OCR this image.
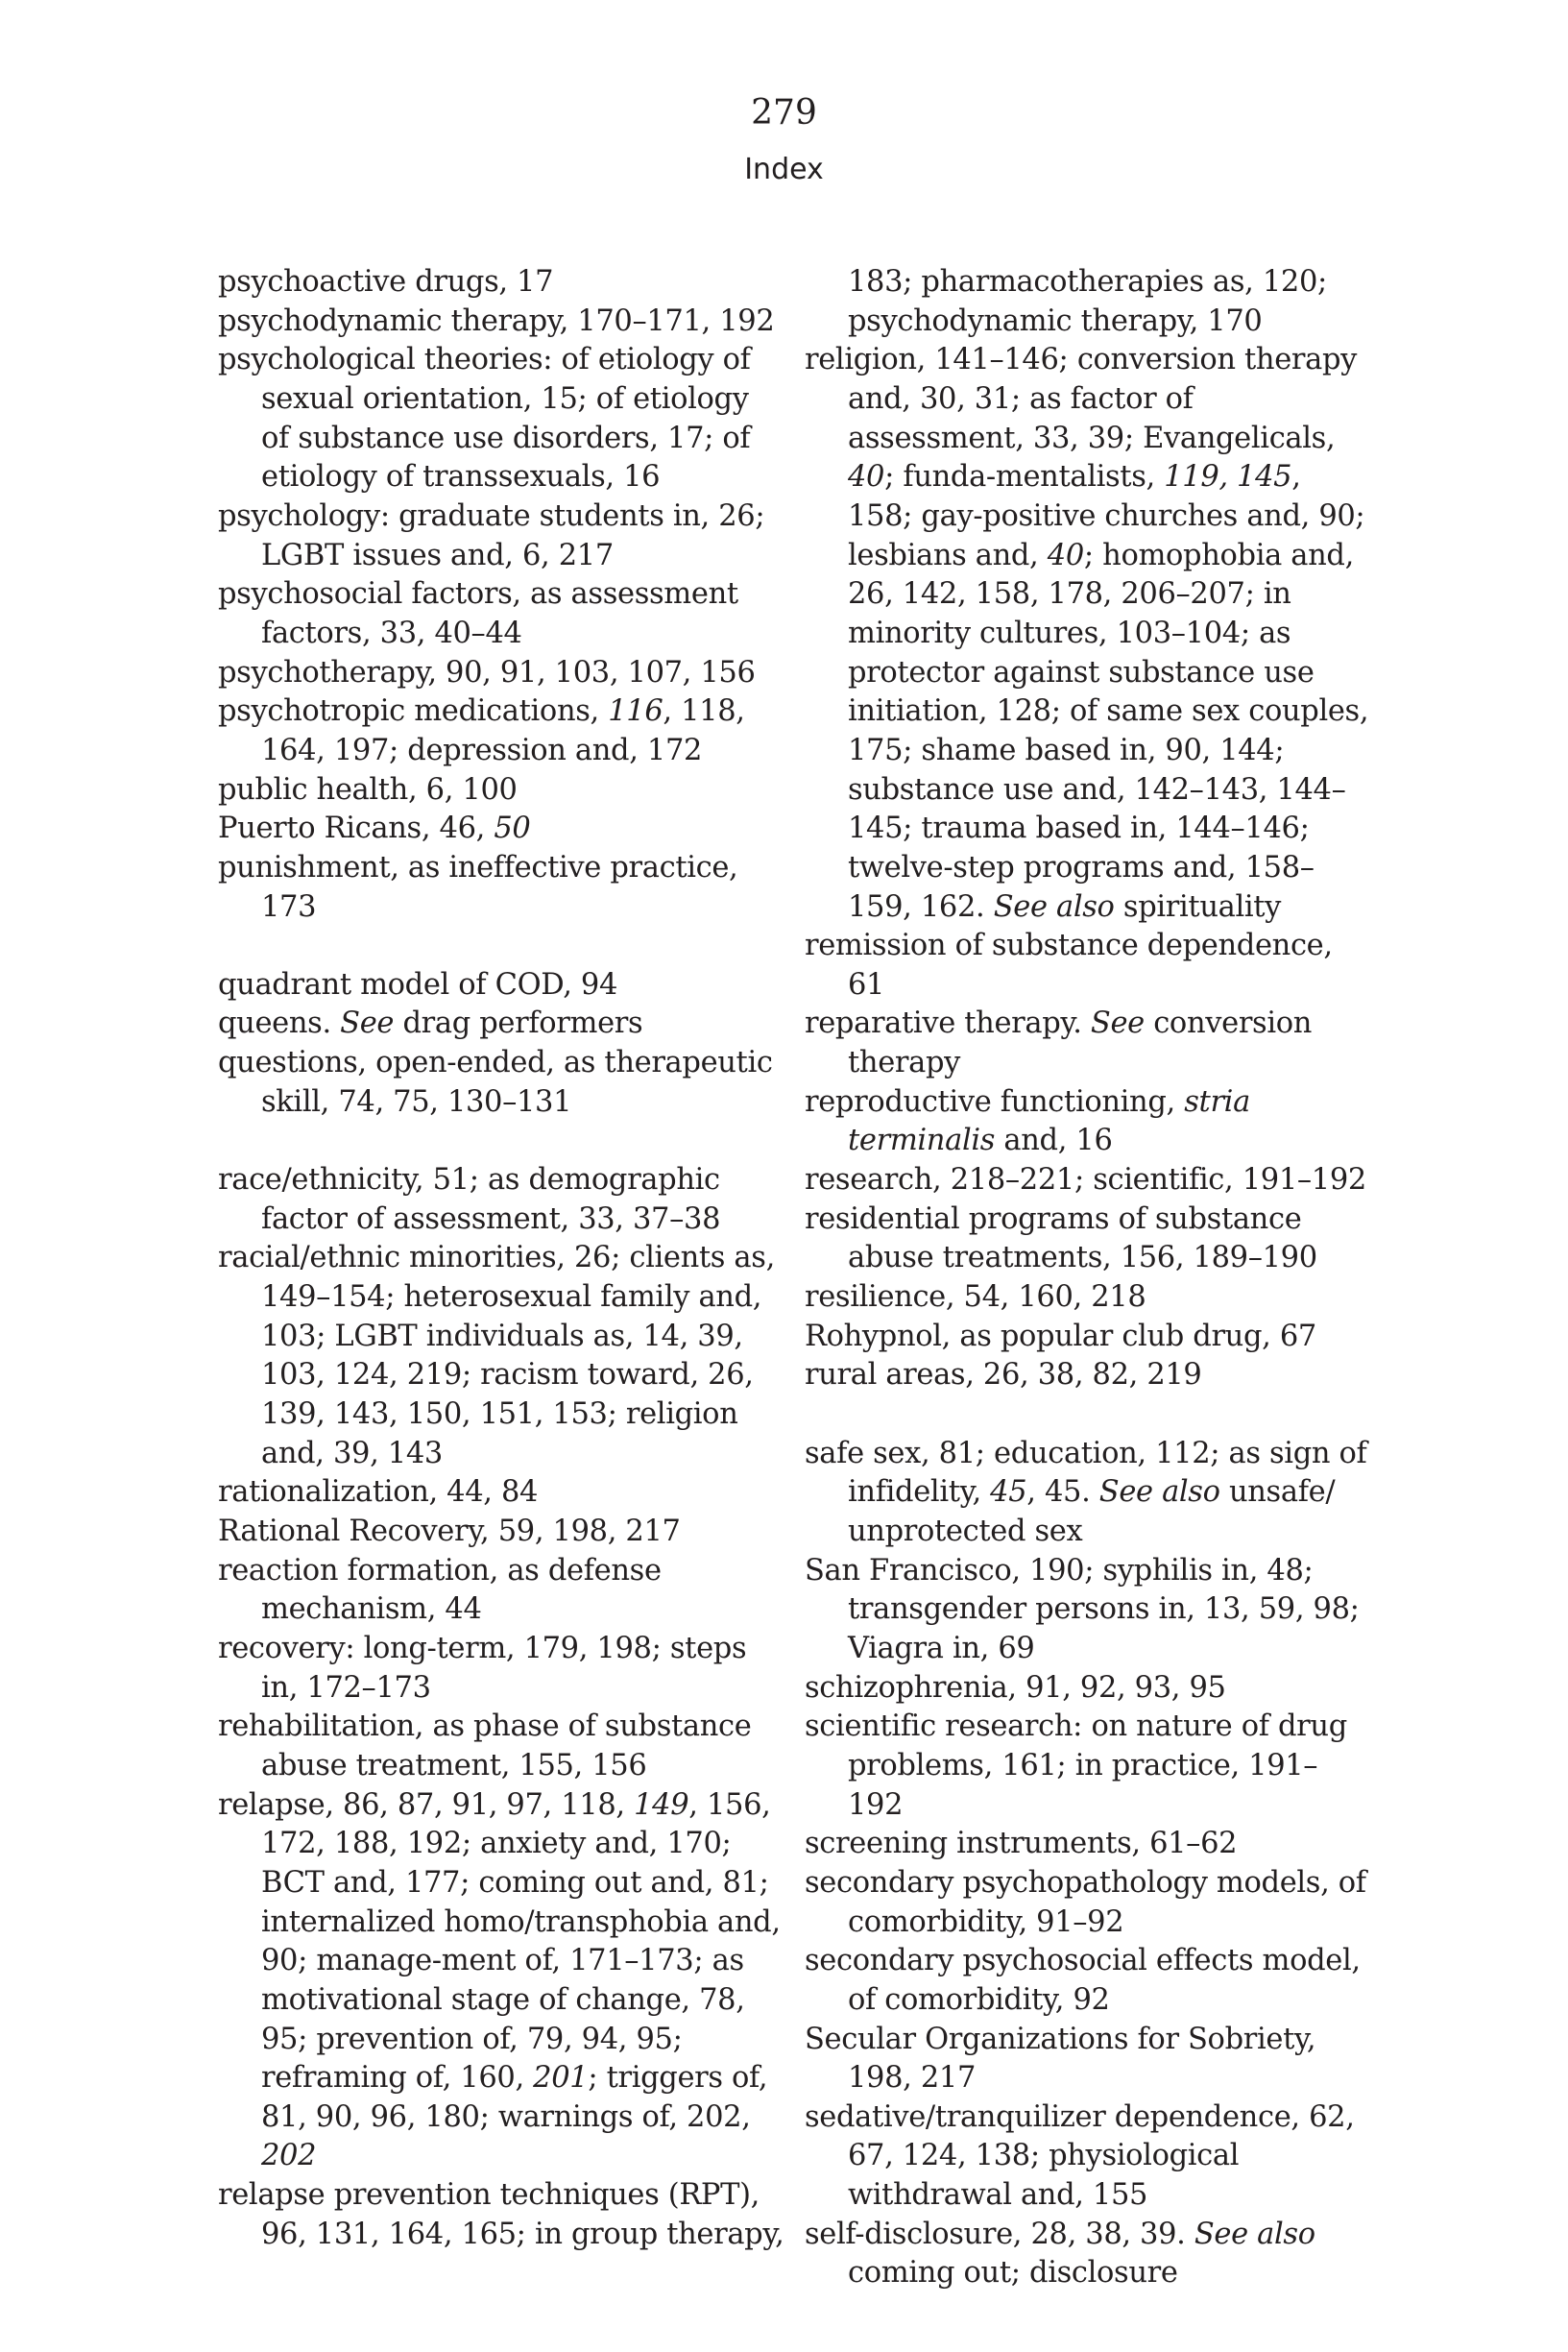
279
Index
psychoactive drugs, 17
psychodynamic therapy, 170–171, 192
psychological theories: of etiology of sexual orientation, 15; of etiology of substance use disorders, 17; of etiology of transsexuals, 16
psychology: graduate students in, 26; LGBT issues and, 6, 217
psychosocial factors, as assessment factors, 33, 40–44
psychotherapy, 90, 91, 103, 107, 156
psychotropic medications, 116, 118, 164, 197; depression and, 172
public health, 6, 100
Puerto Ricans, 46, 50
punishment, as ineffective practice, 173
quadrant model of COD, 94
queens. See drag performers
questions, open-ended, as therapeutic skill, 74, 75, 130–131
race/ethnicity, 51; as demographic factor of assessment, 33, 37–38
racial/ethnic minorities, 26; clients as, 149–154; heterosexual family and, 103; LGBT individuals as, 14, 39, 103, 124, 219; racism toward, 26, 139, 143, 150, 151, 153; religion and, 39, 143
rationalization, 44, 84
Rational Recovery, 59, 198, 217
reaction formation, as defense mechanism, 44
recovery: long-term, 179, 198; steps in, 172–173
rehabilitation, as phase of substance abuse treatment, 155, 156
relapse, 86, 87, 91, 97, 118, 149, 156, 172, 188, 192; anxiety and, 170; BCT and, 177; coming out and, 81; internalized homo/transphobia and, 90; manage-ment of, 171–173; as motivational stage of change, 78, 95; prevention of, 79, 94, 95; reframing of, 160, 201; triggers of, 81, 90, 96, 180; warnings of, 202, 202
relapse prevention techniques (RPT), 96, 131, 164, 165; in group therapy,
183; pharmacotherapies as, 120; psychodynamic therapy, 170
religion, 141–146; conversion therapy and, 30, 31; as factor of assessment, 33, 39; Evangelicals, 40; funda-mentalists, 119, 145, 158; gay-positive churches and, 90; lesbians and, 40; homophobia and, 26, 142, 158, 178, 206–207; in minority cultures, 103–104; as protector against substance use initiation, 128; of same sex couples, 175; shame based in, 90, 144; substance use and, 142–143, 144–145; trauma based in, 144–146; twelve-step programs and, 158–159, 162. See also spirituality
remission of substance dependence, 61
reparative therapy. See conversion therapy
reproductive functioning, stria terminalis and, 16
research, 218–221; scientific, 191–192
residential programs of substance abuse treatments, 156, 189–190
resilience, 54, 160, 218
Rohypnol, as popular club drug, 67
rural areas, 26, 38, 82, 219
safe sex, 81; education, 112; as sign of infidelity, 45, 45. See also unsafe/ unprotected sex
San Francisco, 190; syphilis in, 48; transgender persons in, 13, 59, 98; Viagra in, 69
schizophrenia, 91, 92, 93, 95
scientific research: on nature of drug problems, 161; in practice, 191–192
screening instruments, 61–62
secondary psychopathology models, of comorbidity, 91–92
secondary psychosocial effects model, of comorbidity, 92
Secular Organizations for Sobriety, 198, 217
sedative/tranquilizer dependence, 62, 67, 124, 138; physiological withdrawal and, 155
self-disclosure, 28, 38, 39. See also coming out; disclosure
